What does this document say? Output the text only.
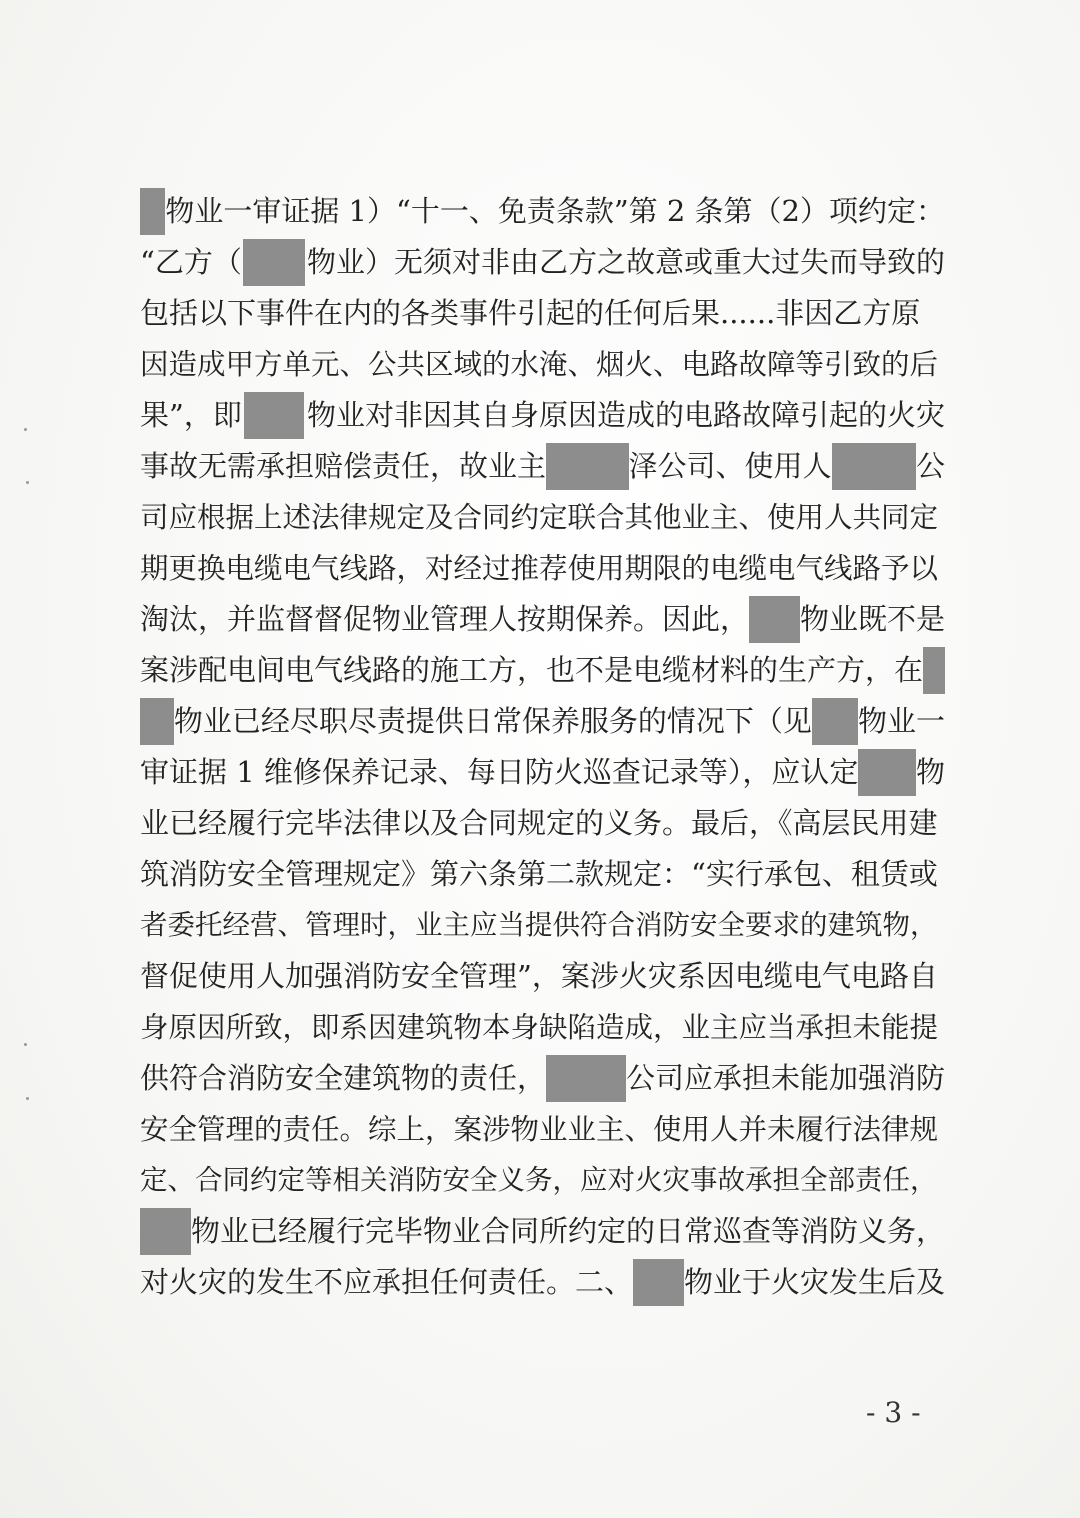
物业一审证据 1）“十一、免责条款”第 2 条第（2）项约定：
“乙方（ 物业）无须对非由乙方之故意或重大过失而导致的
包括以下事件在内的各类事件引起的任何后果......非因乙方原
因造成甲方单元、公共区域的水淹、烟火、电路故障等引致的后
果”，即 物业对非因其自身原因造成的电路故障引起的火灾
事故无需承担赔偿责任，故业主	泽公司、使用人	公
司应根据上述法律规定及合同约定联合其他业主、使用人共同定
期更换电缆电气线路，对经过推荐使用期限的电缆电气线路予以
淘汰，并监督督促物业管理人按期保养。因此， 物业既不是
案涉配电间电气线路的施工方，也不是电缆材料的生产方，在
物业已经尽职尽责提供日常保养服务的情况下（见 物业一
审证据 1 维修保养记录、每日防火巡查记录等），应认定 物
业已经履行完毕法律以及合同规定的义务。最后，《高层民用建
筑消防安全管理规定》第六条第二款规定：“实行承包、租赁或
者委托经营、管理时，业主应当提供符合消防安全要求的建筑物，
督促使用人加强消防安全管理”，案涉火灾系因电缆电气电路自
身原因所致，即系因建筑物本身缺陷造成，业主应当承担未能提
供符合消防安全建筑物的责任，	公司应承担未能加强消防
安全管理的责任。综上，案涉物业业主、使用人并未履行法律规
定、合同约定等相关消防安全义务，应对火灾事故承担全部责任，
物业已经履行完毕物业合同所约定的日常巡查等消防义务，
对火灾的发生不应承担任何责任。二、 物业于火灾发生后及
- 3 -
